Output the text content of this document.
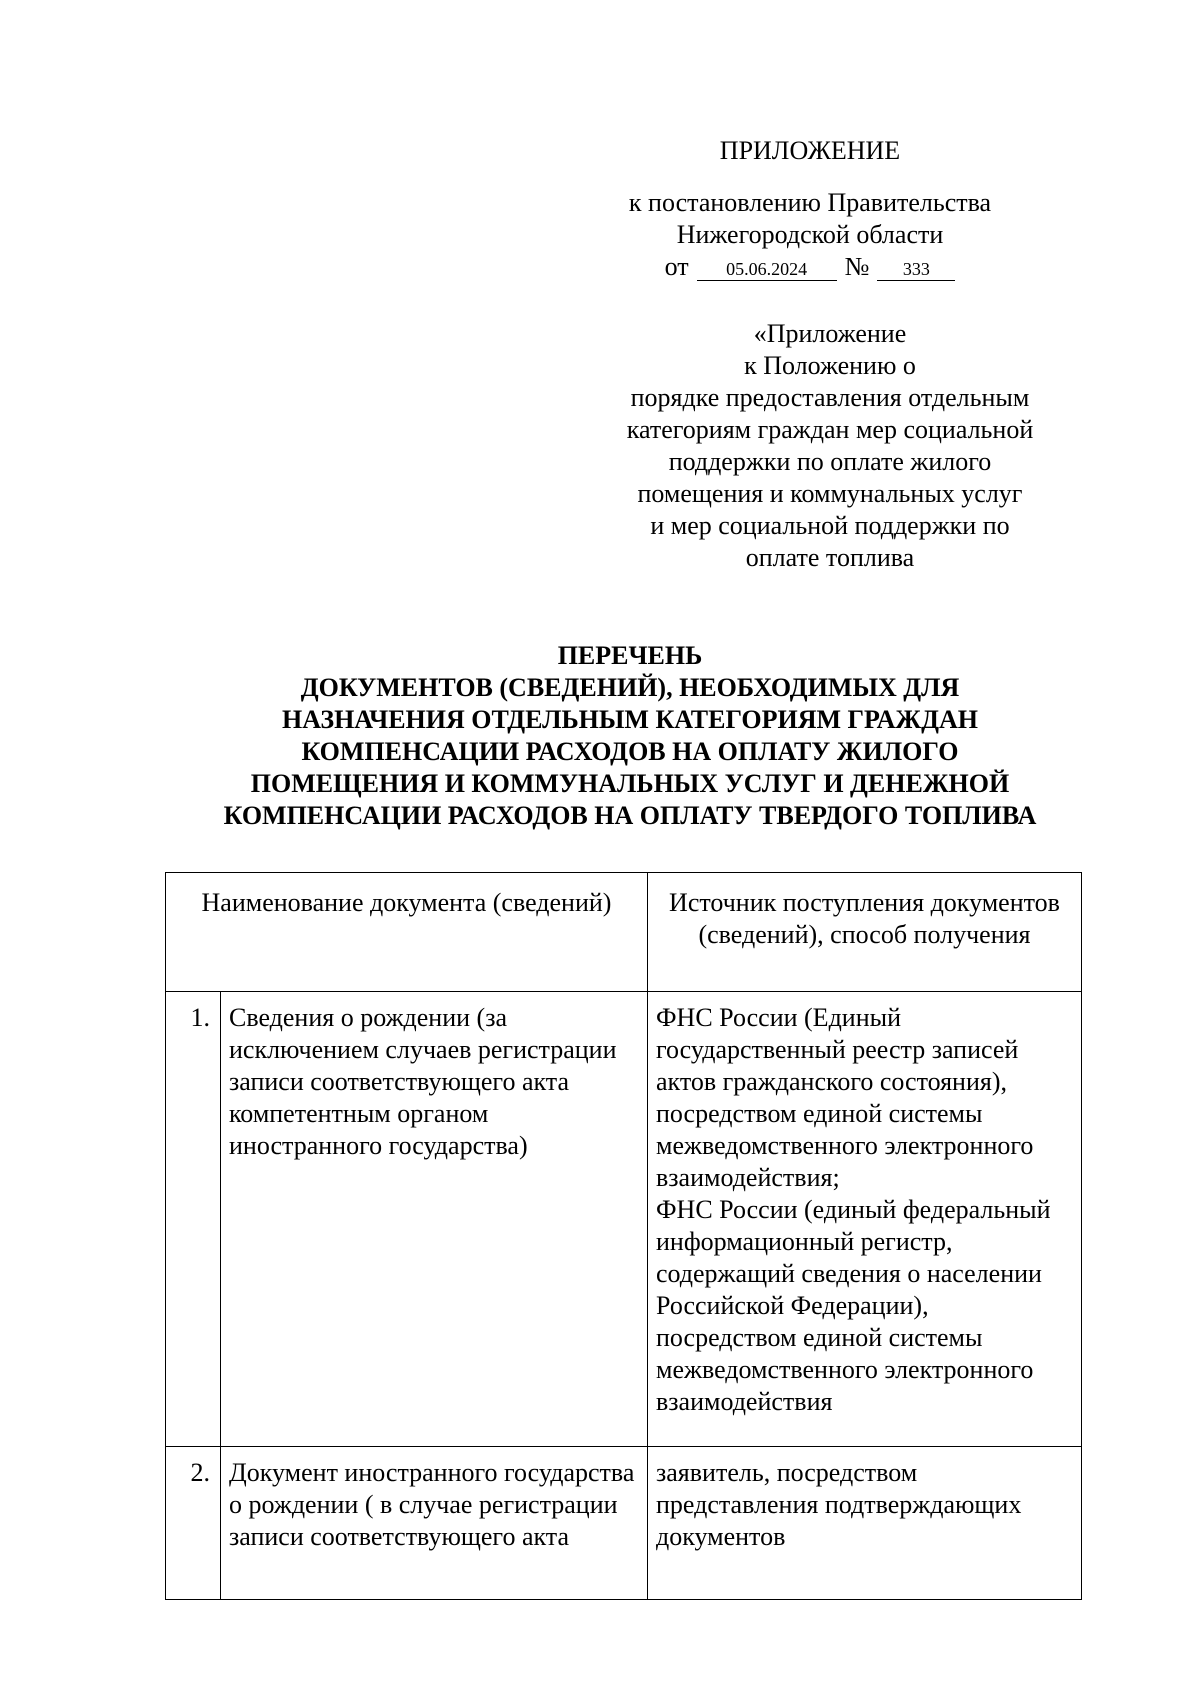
ПРИЛОЖЕНИЕ
к постановлению Правительства
Нижегородской области
от	05.06.2024	№	333
«Приложение
к Положению о
порядке предоставления отдельным
категориям граждан мер социальной
поддержки по оплате жилого
помещения и коммунальных услуг
и мер социальной поддержки по
оплате топлива
ПЕРЕЧЕНЬ
ДОКУМЕНТОВ (СВЕДЕНИЙ), НЕОБХОДИМЫХ ДЛЯ
НАЗНАЧЕНИЯ ОТДЕЛЬНЫМ КАТЕГОРИЯМ ГРАЖДАН
КОМПЕНСАЦИИ РАСХОДОВ НА ОПЛАТУ ЖИЛОГО
ПОМЕЩЕНИЯ И КОММУНАЛЬНЫХ УСЛУГ И ДЕНЕЖНОЙ
КОМПЕНСАЦИИ РАСХОДОВ НА ОПЛАТУ ТВЕРДОГО ТОПЛИВА
Наименование документа (сведений)		Источник поступления документов (сведений), способ получения
1.	Сведения о рождении (за исключением случаев регистрации записи соответствующего акта компетентным органом иностранного государства)	ФНС России (Единый государственный реестр записей актов гражданского состояния), посредством единой системы межведомственного электронного взаимодействия;
ФНС России (единый федеральный информационный регистр, содержащий сведения о населении Российской Федерации), посредством единой системы межведомственного электронного взаимодействия

2.	Документ иностранного государства о рождении ( в случае регистрации записи соответствующего акта	заявитель, посредством представления подтверждающих документов
